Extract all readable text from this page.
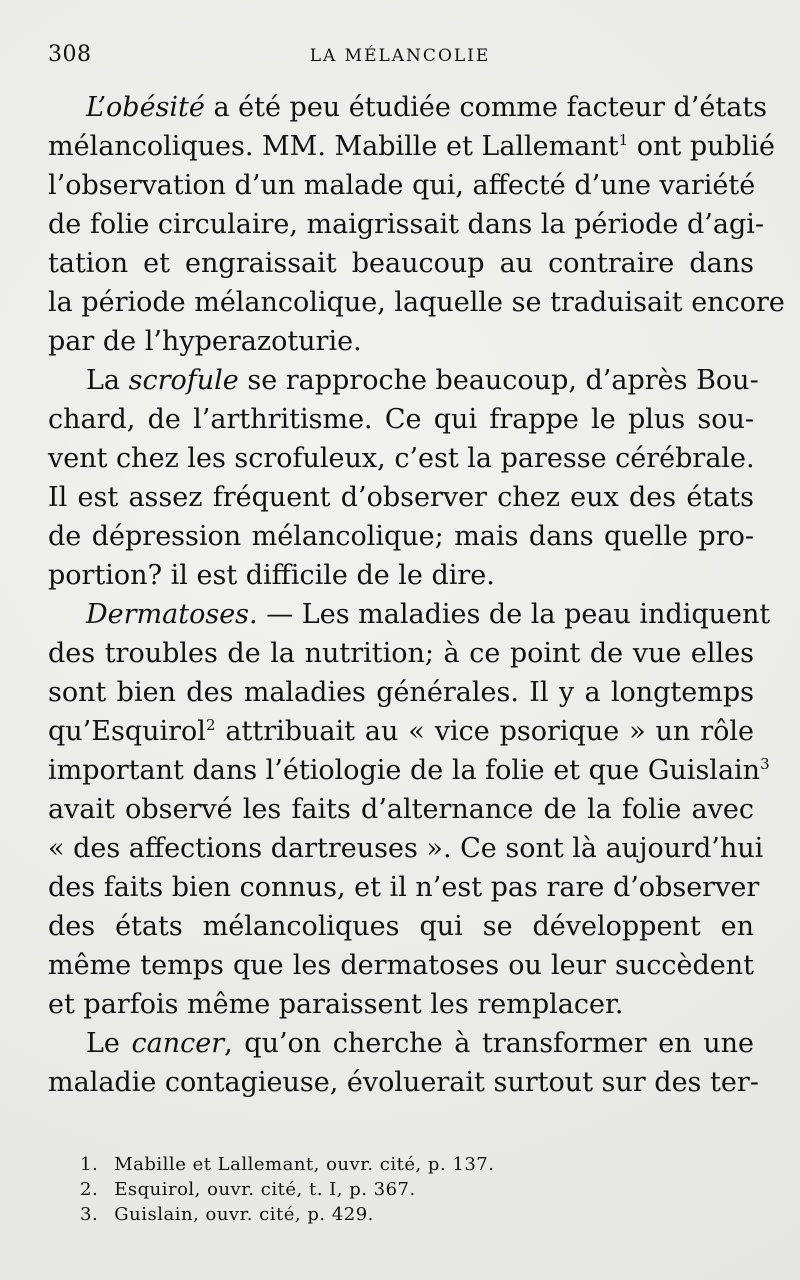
308	LA MÉLANCOLIE
L’obésité a été peu étudiée comme facteur d’états
mélancoliques. MM. Mabille et Lallemant$^1$ ont publié
l’observation d’un malade qui, affecté d’une variété
de folie circulaire, maigrissait dans la période d’agi-
tation et engraissait beaucoup au contraire dans
la période mélancolique, laquelle se traduisait encore
par de l’hyperazoturie.
La scrofule se rapproche beaucoup, d’après Bou-
chard, de l’arthritisme. Ce qui frappe le plus sou-
vent chez les scrofuleux, c’est la paresse cérébrale.
Il est assez fréquent d’observer chez eux des états
de dépression mélancolique; mais dans quelle pro-
portion? il est difficile de le dire.
Dermatoses. — Les maladies de la peau indiquent
des troubles de la nutrition; à ce point de vue elles
sont bien des maladies générales. Il y a longtemps
qu’Esquirol$^2$ attribuait au « vice psorique » un rôle
important dans l’étiologie de la folie et que Guislain$^3$
avait observé les faits d’alternance de la folie avec
« des affections dartreuses ». Ce sont là aujourd’hui
des faits bien connus, et il n’est pas rare d’observer
des états mélancoliques qui se développent en
même temps que les dermatoses ou leur succèdent
et parfois même paraissent les remplacer.
Le cancer, qu’on cherche à transformer en une
maladie contagieuse, évoluerait surtout sur des ter-
1. Mabille et Lallemant, ouvr. cité, p. 137.
2. Esquirol, ouvr. cité, t. I, p. 367.
3. Guislain, ouvr. cité, p. 429.
